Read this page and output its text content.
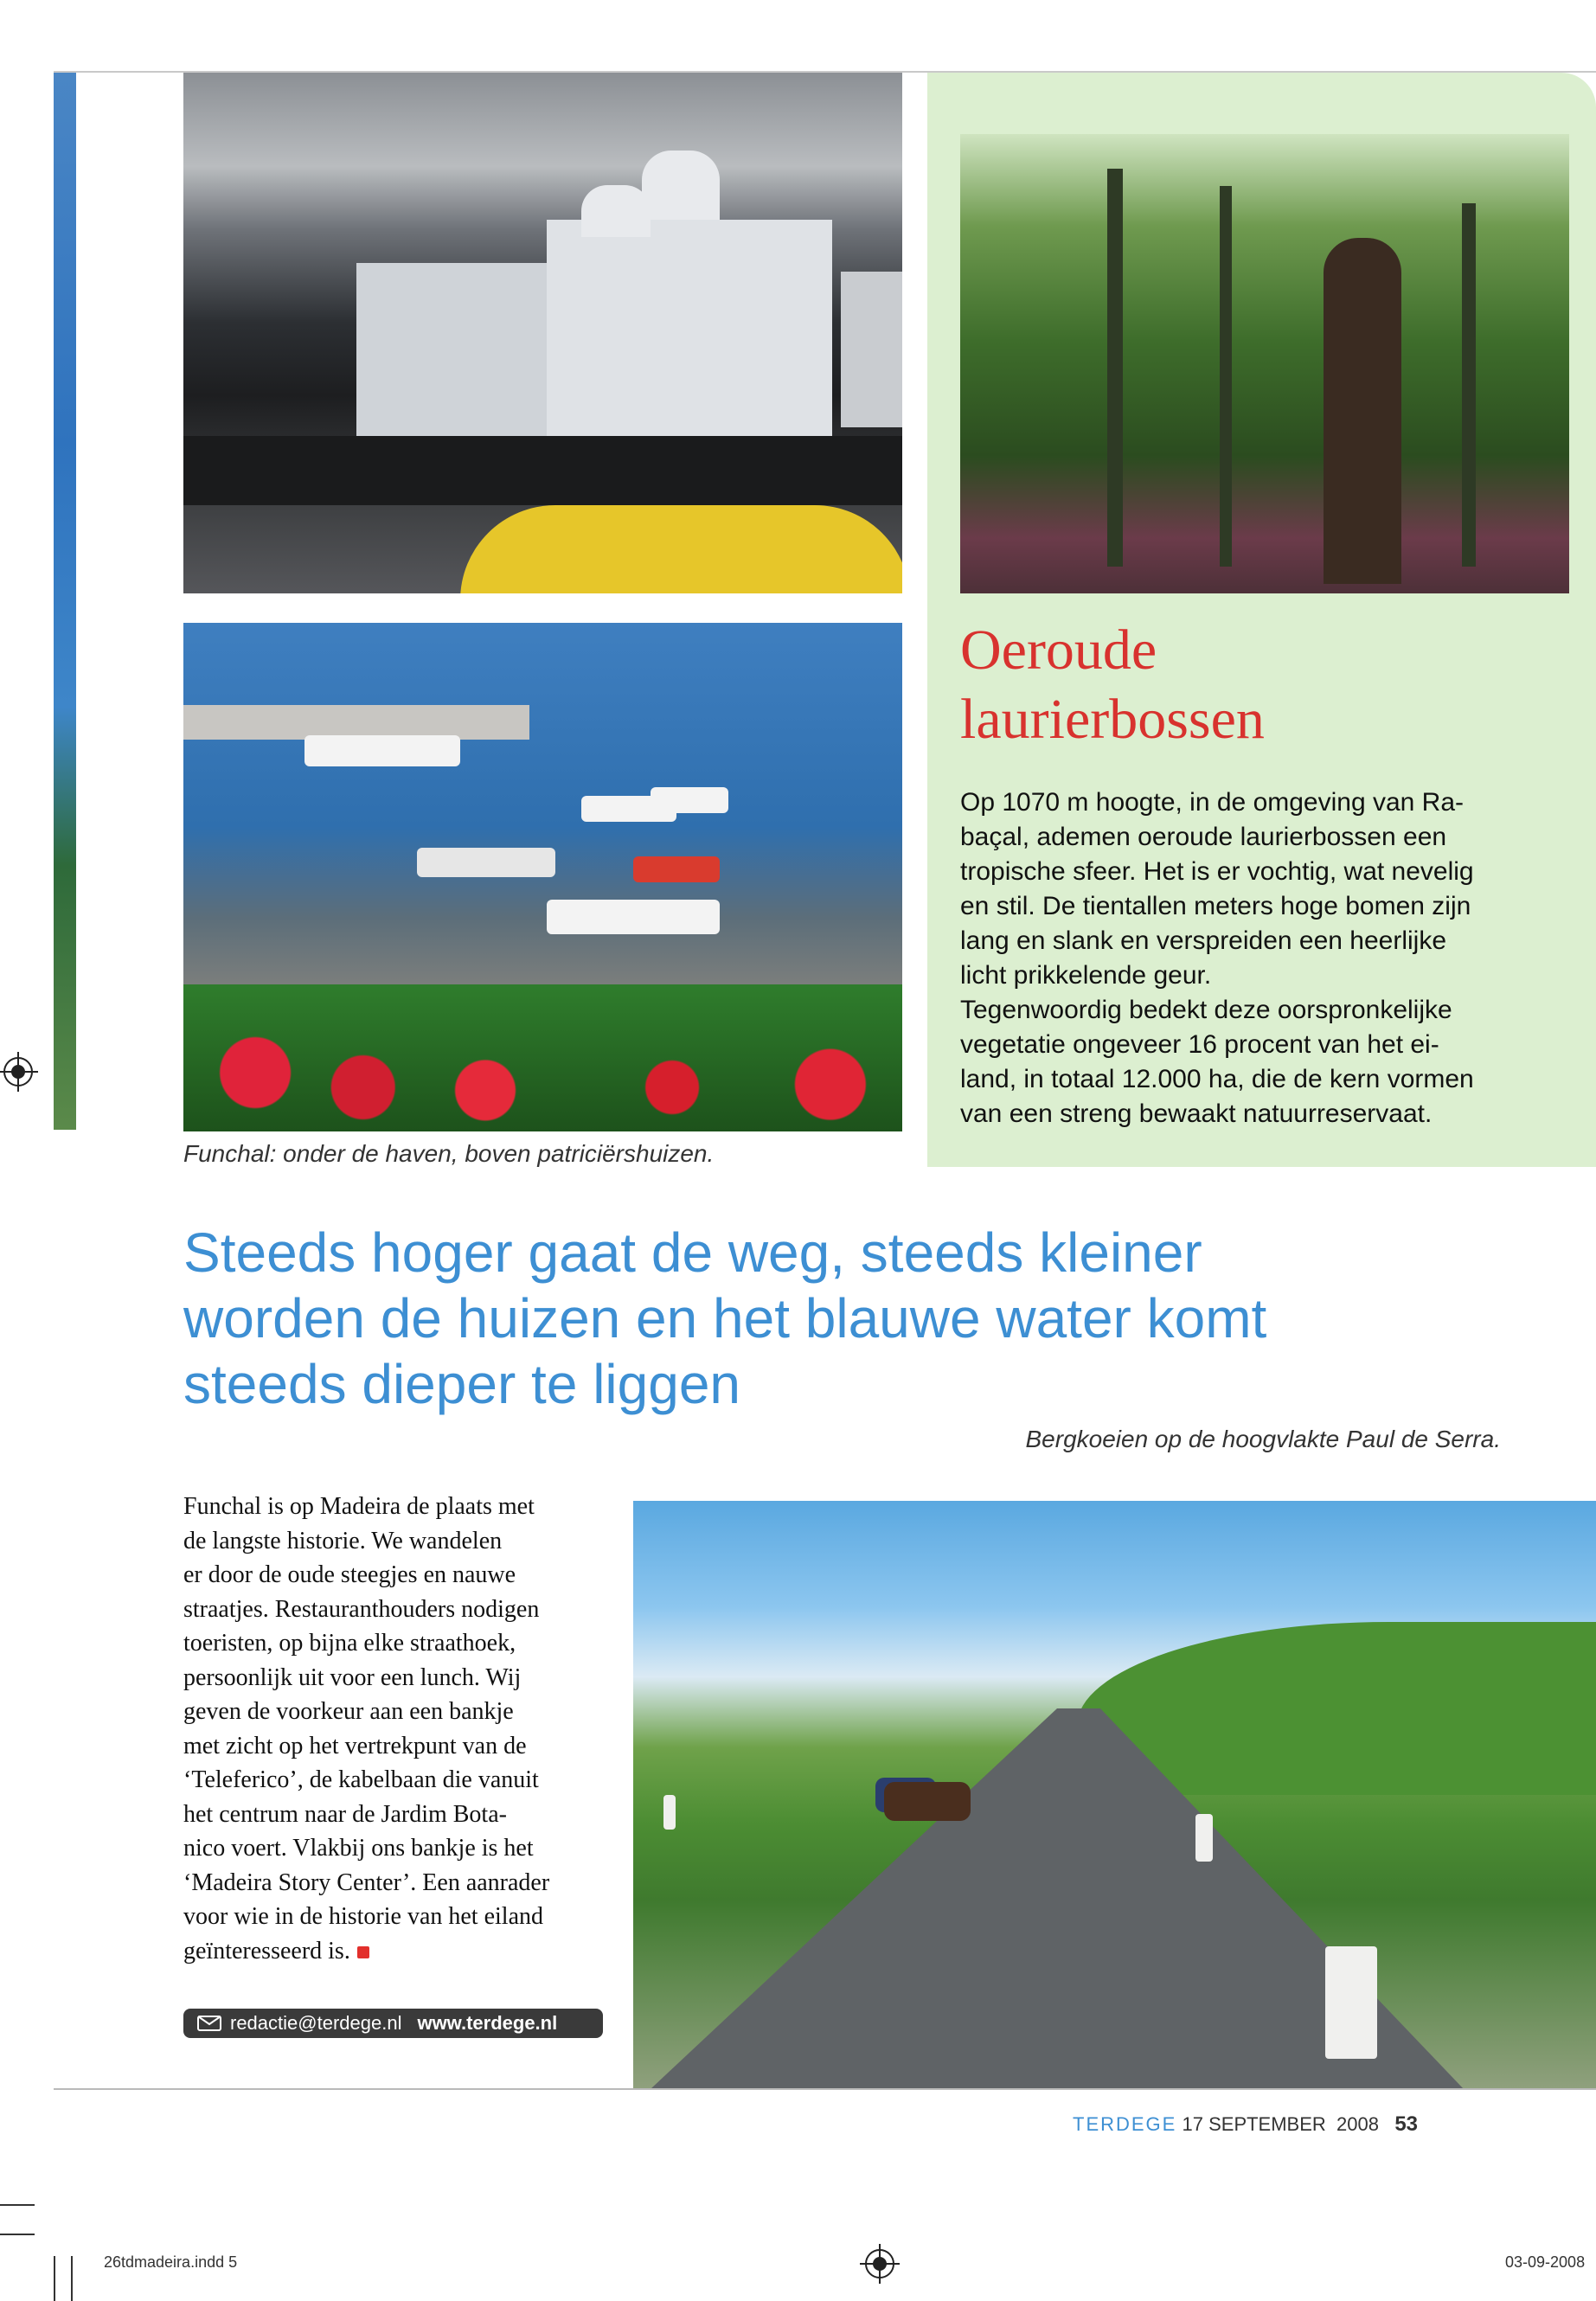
Funchal: onder de haven, boven patriciërshuizen.
Oeroude
laurierbossen

Op 1070 m hoogte, in de omgeving van Ra-

baçal, ademen oeroude laurierbossen een

tropische sfeer. Het is er vochtig, wat nevelig

en stil. De tientallen meters hoge bomen zijn

lang en slank en verspreiden een heerlijke

licht prikkelende geur.

Tegenwoordig bedekt deze oorspronkelijke

vegetatie ongeveer 16 procent van het ei-

land, in totaal 12.000 ha, die de kern vormen

van een streng bewaakt natuurreservaat.

Steeds hoger gaat de weg, steeds kleiner
worden de huizen en het blauwe water komt
steeds dieper te liggen
Bergkoeien op de hoogvlakte Paul de Serra.
Funchal is op Madeira de plaats met
de langste historie. We wandelen
er door de oude steegjes en nauwe
straatjes. Restauranthouders nodigen
toeristen, op bijna elke straathoek,
persoonlijk uit voor een lunch. Wij
geven de voorkeur aan een bankje
met zicht op het vertrekpunt van de
‘Teleferico’, de kabelbaan die vanuit
het centrum naar de Jardim Bota-
nico voert. Vlakbij ons bankje is het
‘Madeira Story Center’. Een aanrader
voor wie in de historie van het eiland
geïnteresseerd is.
redactie@terdege.nl www.terdege.nl
TERDEGE 17 SEPTEMBER 2008 53
26tdmadeira.indd 5	03-09-2008
